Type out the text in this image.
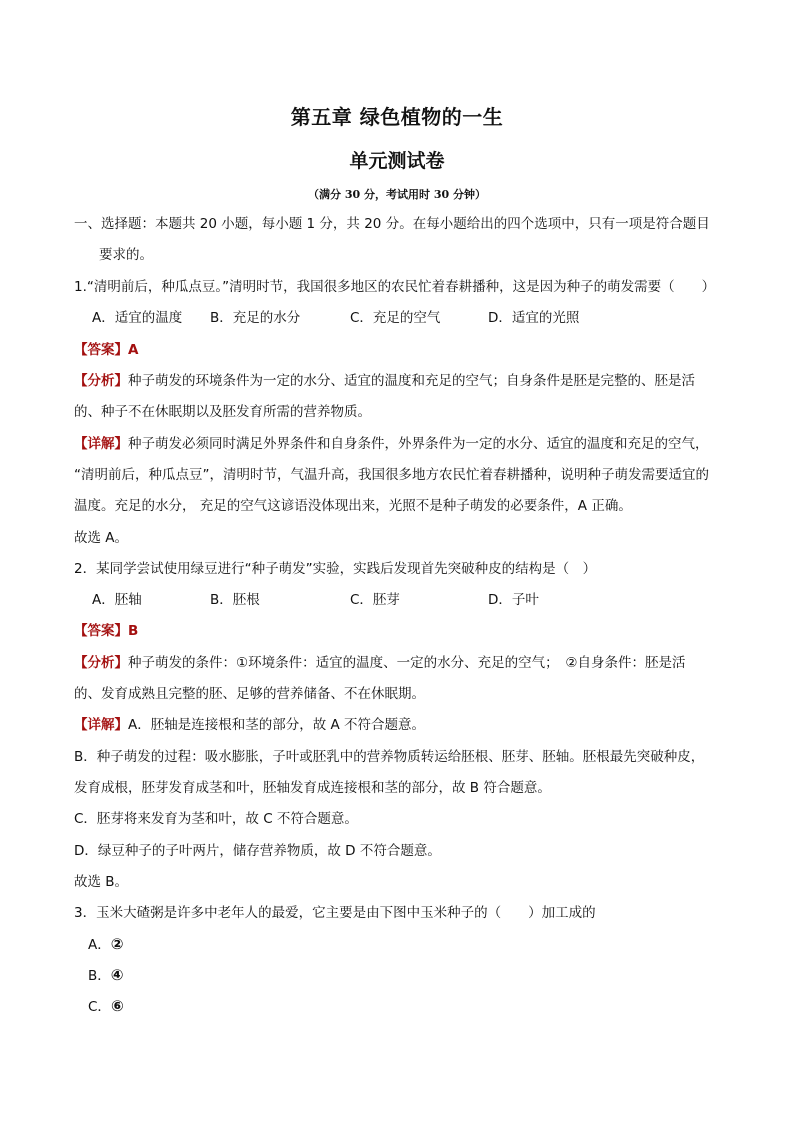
第五章 绿色植物的一生
单元测试卷
（满分 30 分，考试用时 30 分钟）
一、选择题：本题共 20 小题，每小题 1 分，共 20 分。在每小题给出的四个选项中，只有一项是符合题目
要求的。
1.“清明前后，种瓜点豆。”清明时节，我国很多地区的农民忙着春耕播种，这是因为种子的萌发需要（　　）
A．适宜的温度 B．充足的水分	C．充足的空气	D．适宜的光照
【答案】A
【分析】种子萌发的环境条件为一定的水分、适宜的温度和充足的空气；自身条件是胚是完整的、胚是活
的、种子不在休眠期以及胚发育所需的营养物质。
【详解】种子萌发必须同时满足外界条件和自身条件，外界条件为一定的水分、适宜的温度和充足的空气，
“清明前后，种瓜点豆”，清明时节，气温升高，我国很多地方农民忙着春耕播种，说明种子萌发需要适宜的
温度。充足的水分， 充足的空气这谚语没体现出来，光照不是种子萌发的必要条件，A 正确。
故选 A。
2．某同学尝试使用绿豆进行“种子萌发”实验，实践后发现首先突破种皮的结构是（　）
A．胚轴	B．胚根	C．胚芽	D．子叶
【答案】B
【分析】种子萌发的条件：①环境条件：适宜的温度、一定的水分、充足的空气；　②自身条件：胚是活
的、发育成熟且完整的胚、足够的营养储备、不在休眠期。
【详解】A．胚轴是连接根和茎的部分，故 A 不符合题意。
B．种子萌发的过程：吸水膨胀，子叶或胚乳中的营养物质转运给胚根、胚芽、胚轴。胚根最先突破种皮，
发育成根，胚芽发育成茎和叶，胚轴发育成连接根和茎的部分，故 B 符合题意。
C．胚芽将来发育为茎和叶，故 C 不符合题意。
D．绿豆种子的子叶两片，储存营养物质，故 D 不符合题意。
故选 B。
3．玉米大碴粥是许多中老年人的最爱，它主要是由下图中玉米种子的（　　）加工成的
A．②
B．④
C．⑥
